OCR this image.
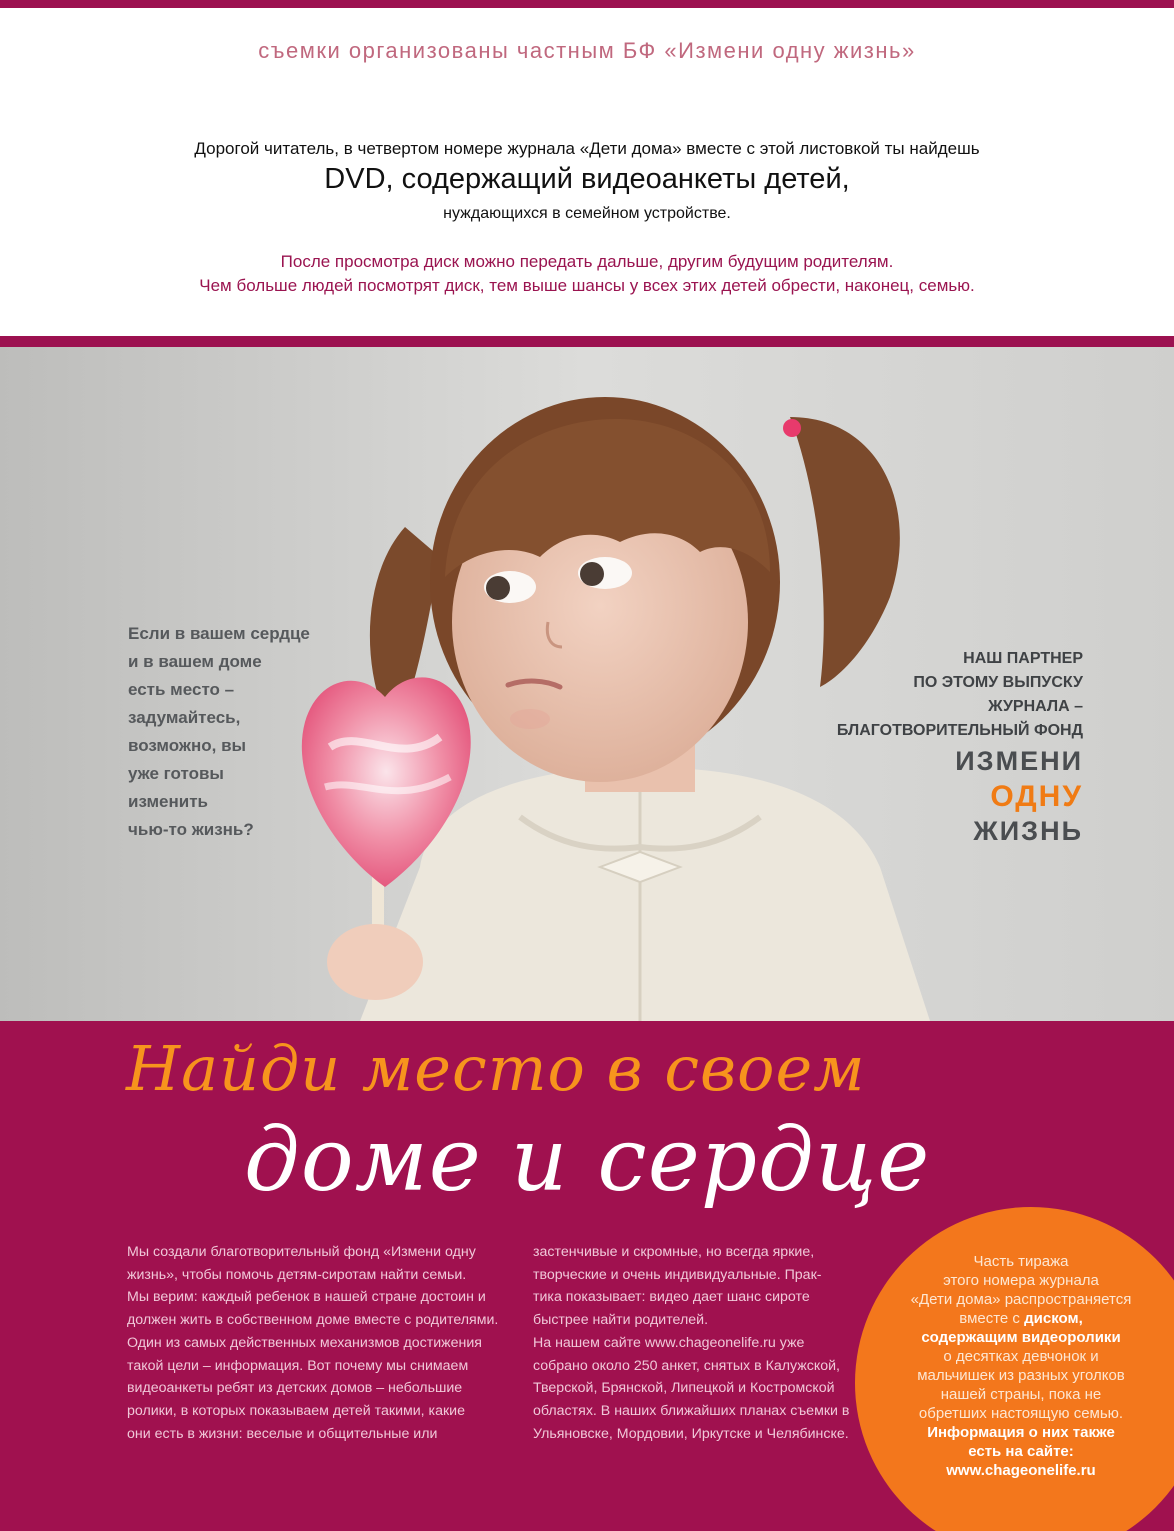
съемки организованы частным БФ «Измени одну жизнь»
Дорогой читатель, в четвертом номере журнала «Дети дома» вместе с этой листовкой ты найдешь
DVD, содержащий видеоанкеты детей,
нуждающихся в семейном устройстве.
После просмотра диск можно передать дальше, другим будущим родителям.
Чем больше людей посмотрят диск, тем выше шансы у всех этих детей обрести, наконец, семью.
Если в вашем сердце
и в вашем доме
есть место –
задумайтесь,
возможно, вы
уже готовы
изменить
чью-то жизнь?
НАШ ПАРТНЕР
ПО ЭТОМУ ВЫПУСКУ
ЖУРНАЛА –
БЛАГОТВОРИТЕЛЬНЫЙ ФОНД
ИЗМЕНИ
ОДНУ
ЖИЗНЬ
Найди место в своем
доме и сердце

Мы создали благотворительный фонд «Измени одну

жизнь», чтобы помочь детям-сиротам найти семьи.

Мы верим: каждый ребенок в нашей стране достоин и

должен жить в собственном доме вместе с родителями.

Один из самых действенных механизмов достижения

такой цели – информация. Вот почему мы снимаем

видеоанкеты ребят из детских домов – небольшие

ролики, в которых показываем детей такими, какие

они есть в жизни: веселые и общительные или

застенчивые и скромные, но всегда яркие,

творческие и очень индивидуальные. Прак-

тика показывает: видео дает шанс сироте

быстрее найти родителей.

На нашем сайте www.chageonelife.ru уже

собрано около 250 анкет, снятых в Калужской,

Тверской, Брянской, Липецкой и Костромской

областях. В наших ближайших планах съемки в

Ульяновске, Мордовии, Иркутске и Челябинске.

Часть тиража
этого номера журнала
«Дети дома» распространяется
вместе с диском,
содержащим видеоролики
о десятках девчонок и
мальчишек из разных уголков
нашей страны, пока не
обретших настоящую семью.
Информация о них также
есть на сайте:
www.chageonelife.ru
